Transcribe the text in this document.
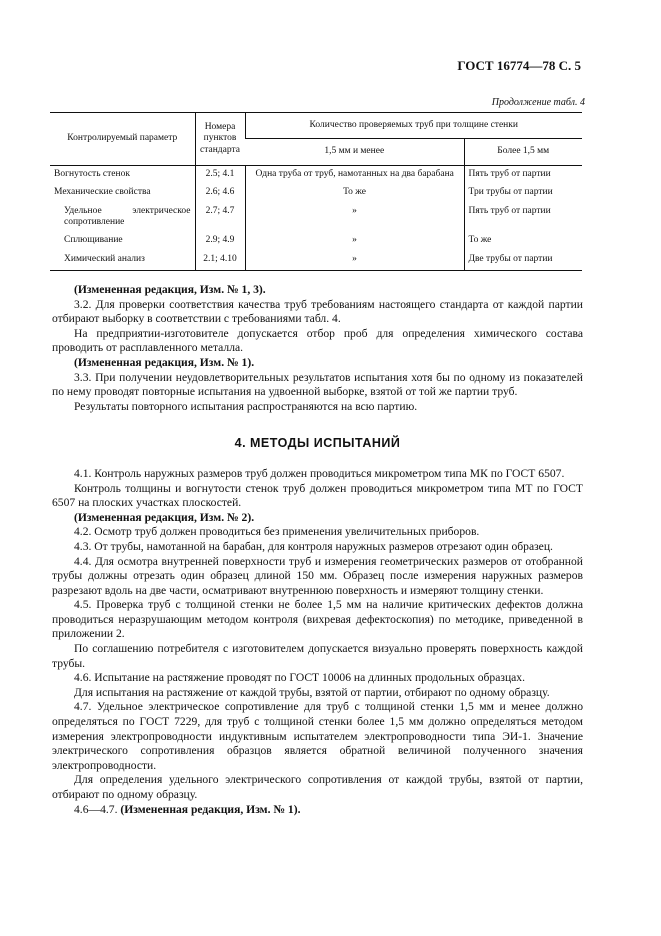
ГОСТ 16774—78 С. 5
Продолжение табл. 4
Контролируемый параметр	Номера пунктов стандарта	Количество проверяемых труб при толщине стенки	
		1,5 мм и менее	Более 1,5 мм
Вогнутость стенок	2.5; 4.1	Одна труба от труб, намотанных на два барабана	Пять труб от партии
Механические свойства	2.6; 4.6	То же	Три трубы от партии
Удельное электрическое сопротивление	2.7; 4.7	»	Пять труб от партии
Сплющивание	2.9; 4.9	»	То же
Химический анализ	2.1; 4.10	»	Две трубы от партии

(Измененная редакция, Изм. № 1, 3).

3.2. Для проверки соответствия качества труб требованиям настоящего стандарта от каждой партии отбирают выборку в соответствии с требованиями табл. 4.

На предприятии-изготовителе допускается отбор проб для определения химического состава проводить от расплавленного металла.

(Измененная редакция, Изм. № 1).

3.3. При получении неудовлетворительных результатов испытания хотя бы по одному из показателей по нему проводят повторные испытания на удвоенной выборке, взятой от той же партии труб.

Результаты повторного испытания распространяются на всю партию.

4. МЕТОДЫ ИСПЫТАНИЙ

4.1. Контроль наружных размеров труб должен проводиться микрометром типа МК по ГОСТ 6507.

Контроль толщины и вогнутости стенок труб должен проводиться микрометром типа МТ по ГОСТ 6507 на плоских участках плоскостей.

(Измененная редакция, Изм. № 2).

4.2. Осмотр труб должен проводиться без применения увеличительных приборов.

4.3. От трубы, намотанной на барабан, для контроля наружных размеров отрезают один образец.

4.4. Для осмотра внутренней поверхности труб и измерения геометрических размеров от отобранной трубы должны отрезать один образец длиной 150 мм. Образец после измерения наружных размеров разрезают вдоль на две части, осматривают внутреннюю поверхность и измеряют толщину стенки.

4.5. Проверка труб с толщиной стенки не более 1,5 мм на наличие критических дефектов должна проводиться неразрушающим методом контроля (вихревая дефектоскопия) по методике, приведенной в приложении 2.

По соглашению потребителя с изготовителем допускается визуально проверять поверхность каждой трубы.

4.6. Испытание на растяжение проводят по ГОСТ 10006 на длинных продольных образцах.

Для испытания на растяжение от каждой трубы, взятой от партии, отбирают по одному образцу.

4.7. Удельное электрическое сопротивление для труб с толщиной стенки 1,5 мм и менее должно определяться по ГОСТ 7229, для труб с толщиной стенки более 1,5 мм должно определяться методом измерения электропроводности индуктивным испытателем электропроводности типа ЭИ-1. Значение электрического сопротивления образцов является обратной величиной полученного значения электропроводности.

Для определения удельного электрического сопротивления от каждой трубы, взятой от партии, отбирают по одному образцу.

4.6—4.7. (Измененная редакция, Изм. № 1).
